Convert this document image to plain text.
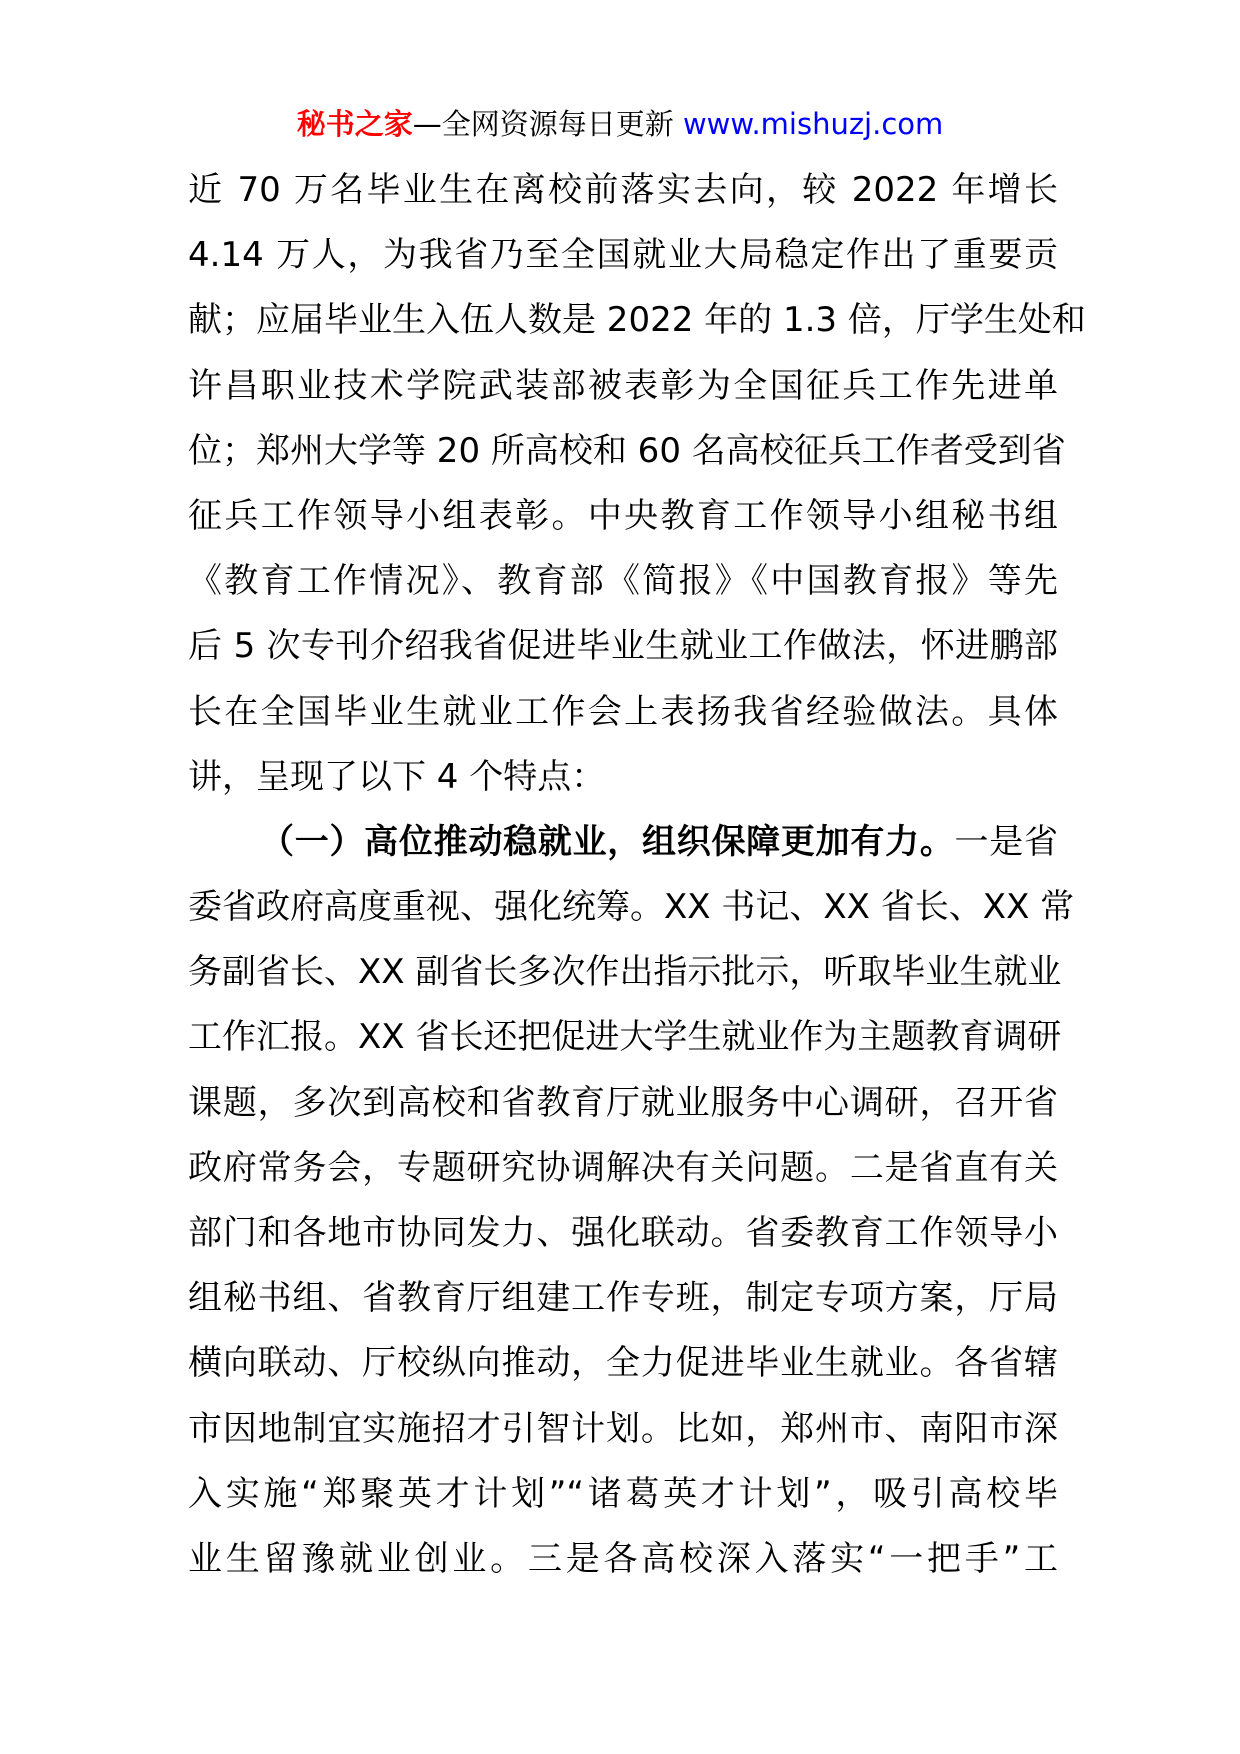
秘书之家—全网资源每日更新 www.mishuzj.com
近 70 万名毕业生在离校前落实去向，较 2022 年增长
4.14 万人，为我省乃至全国就业大局稳定作出了重要贡
献；应届毕业生入伍人数是 2022 年的 1.3 倍，厅学生处和
许昌职业技术学院武装部被表彰为全国征兵工作先进单
位；郑州大学等 20 所高校和 60 名高校征兵工作者受到省
征兵工作领导小组表彰。中央教育工作领导小组秘书组
《教育工作情况》、教育部《简报》《中国教育报》等先
后 5 次专刊介绍我省促进毕业生就业工作做法，怀进鹏部
长在全国毕业生就业工作会上表扬我省经验做法。具体
讲，呈现了以下 4 个特点：
（一）高位推动稳就业，组织保障更加有力。一是省
委省政府高度重视、强化统筹。XX 书记、XX 省长、XX 常
务副省长、XX 副省长多次作出指示批示，听取毕业生就业
工作汇报。XX 省长还把促进大学生就业作为主题教育调研
课题，多次到高校和省教育厅就业服务中心调研，召开省
政府常务会，专题研究协调解决有关问题。二是省直有关
部门和各地市协同发力、强化联动。省委教育工作领导小
组秘书组、省教育厅组建工作专班，制定专项方案，厅局
横向联动、厅校纵向推动，全力促进毕业生就业。各省辖
市因地制宜实施招才引智计划。比如，郑州市、南阳市深
入实施“郑聚英才计划”“诸葛英才计划”，吸引高校毕
业生留豫就业创业。三是各高校深入落实“一把手”工
